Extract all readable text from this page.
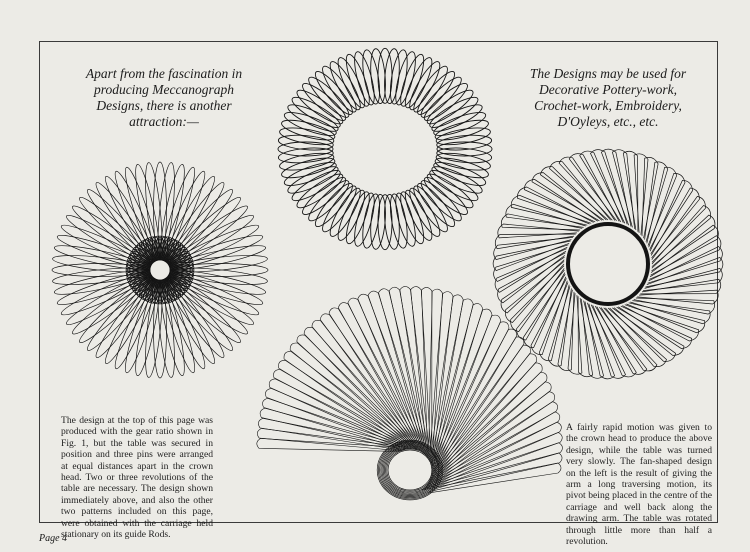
Apart from the fascination in producing Meccanograph Designs, there is another attraction:—
The Designs may be used for Decorative Pottery-work, Crochet-work, Embroidery, D'Oyleys, etc., etc.
The design at the top of this page was produced with the gear ratio shown in Fig. 1, but the table was secured in position and three pins were arranged at equal distances apart in the crown head. Two or three revolutions of the table are necessary. The design shown immediately above, and also the other two patterns included on this page, were obtained with the carriage held stationary on its guide Rods.
A fairly rapid motion was given to the crown head to produce the above design, while the table was turned very slowly. The fan-shaped design on the left is the result of giving the arm a long traversing motion, its pivot being placed in the centre of the carriage and well back along the drawing arm. The table was rotated through little more than half a revolution.
Page 4
